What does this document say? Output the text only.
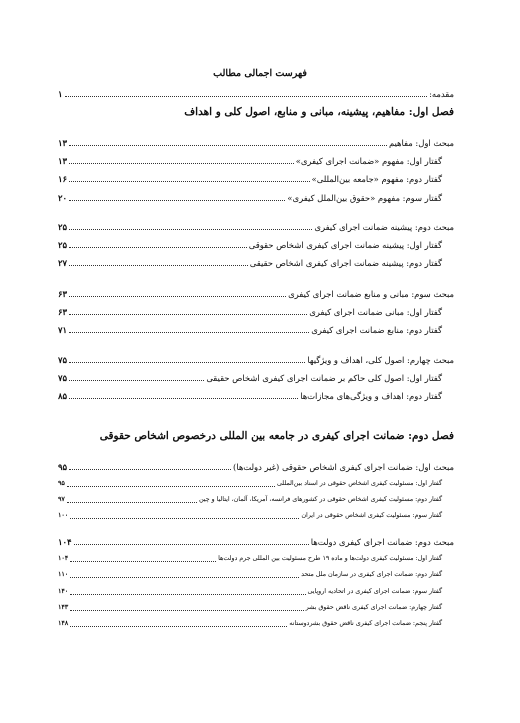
فهرست اجمالی مطالب
مقدمه:
۱
فصل اول: مفاهیم، پیشینه، مبانی و منابع، اصول کلی و اهداف
مبحث اول: مفاهیم
۱۳
گفتار اول: مفهوم «ضمانت اجرای کیفری»
۱۳
گفتار دوم: مفهوم «جامعه بین‌المللی»
۱۶
گفتار سوم: مفهوم «حقوق بین‌الملل کیفری»
۲۰
مبحث دوم: پیشینه ضمانت اجرای کیفری
۲۵
گفتار اول: پیشینه ضمانت اجرای کیفری اشخاص حقوقی
۲۵
گفتار دوم: پیشینه ضمانت اجرای کیفری اشخاص حقیقی
۲۷
مبحث سوم: مبانی و منابع ضمانت اجرای کیفری
۶۳
گفتار اول: مبانی ضمانت اجرای کیفری
۶۳
گفتار دوم: منابع ضمانت اجرای کیفری
۷۱
مبحث چهارم: اصول کلی، اهداف و ویژگیها
۷۵
گفتار اول: اصول کلی حاکم بر ضمانت اجرای کیفری اشخاص حقیقی
۷۵
گفتار دوم: اهداف و ویژگی‌های مجازات‌ها
۸۵
فصل دوم: ضمانت اجرای کیفری در جامعه بین المللی درخصوص اشخاص حقوقی
مبحث اول: ضمانت اجرای کیفری اشخاص حقوقی (غیر دولت‌ها)
۹۵
گفتار اول: مسئولیت کیفری اشخاص حقوقی در اسناد بین‌المللی
۹۵
گفتار دوم: مسئولیت کیفری اشخاص حقوقی در کشورهای فرانسه، آمریکا، آلمان، ایتالیا و چین
۹۷
گفتار سوم: مسئولیت کیفری اشخاص حقوقی در ایران
۱۰۰
مبحث دوم: ضمانت اجرای کیفری دولت‌ها
۱۰۴
گفتار اول: مسئولیت کیفری دولت‌ها و ماده ۱۹ طرح مسئولیت بین المللی جرم دولت‌ها
۱۰۴
گفتار دوم: ضمانت اجرای کیفری در سازمان ملل متحد
۱۱۰
گفتار سوم: ضمانت اجرای کیفری در اتحادیه اروپایی
۱۴۰
گفتار چهارم: ضمانت اجرای کیفری ناقض حقوق بشر
۱۴۳
گفتار پنجم: ضمانت اجرای کیفری ناقض حقوق بشردوستانه
۱۴۸
